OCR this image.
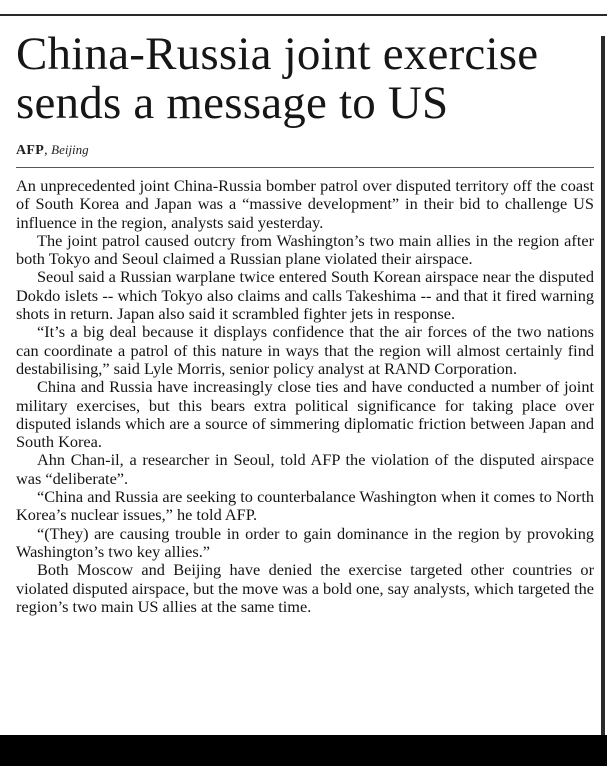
China-Russia joint exercise sends a message to US
AFP, Beijing

An unprecedented joint China-Russia bomber patrol over disputed territory off the coast of South Korea and Japan was a “massive development” in their bid to challenge US influence in the region, analysts said yesterday.

The joint patrol caused outcry from Washington’s two main allies in the region after both Tokyo and Seoul claimed a Russian plane violated their airspace.

Seoul said a Russian warplane twice entered South Korean airspace near the disputed Dokdo islets -- which Tokyo also claims and calls Takeshima -- and that it fired warning shots in return. Japan also said it scrambled fighter jets in response.

“It’s a big deal because it displays confidence that the air forces of the two nations can coordinate a patrol of this nature in ways that the region will almost certainly find destabilising,” said Lyle Morris, senior policy analyst at RAND Corporation.

China and Russia have increasingly close ties and have conducted a number of joint military exercises, but this bears extra political significance for taking place over disputed islands which are a source of simmering diplomatic friction between Japan and South Korea.

Ahn Chan-il, a researcher in Seoul, told AFP the violation of the disputed airspace was “deliberate”.

“China and Russia are seeking to counterbalance Washington when it comes to North Korea’s nuclear issues,” he told AFP.

“(They) are causing trouble in order to gain dominance in the region by provoking Washington’s two key allies.”

Both Moscow and Beijing have denied the exercise targeted other countries or violated disputed airspace, but the move was a bold one, say analysts, which targeted the region’s two main US allies at the same time.
